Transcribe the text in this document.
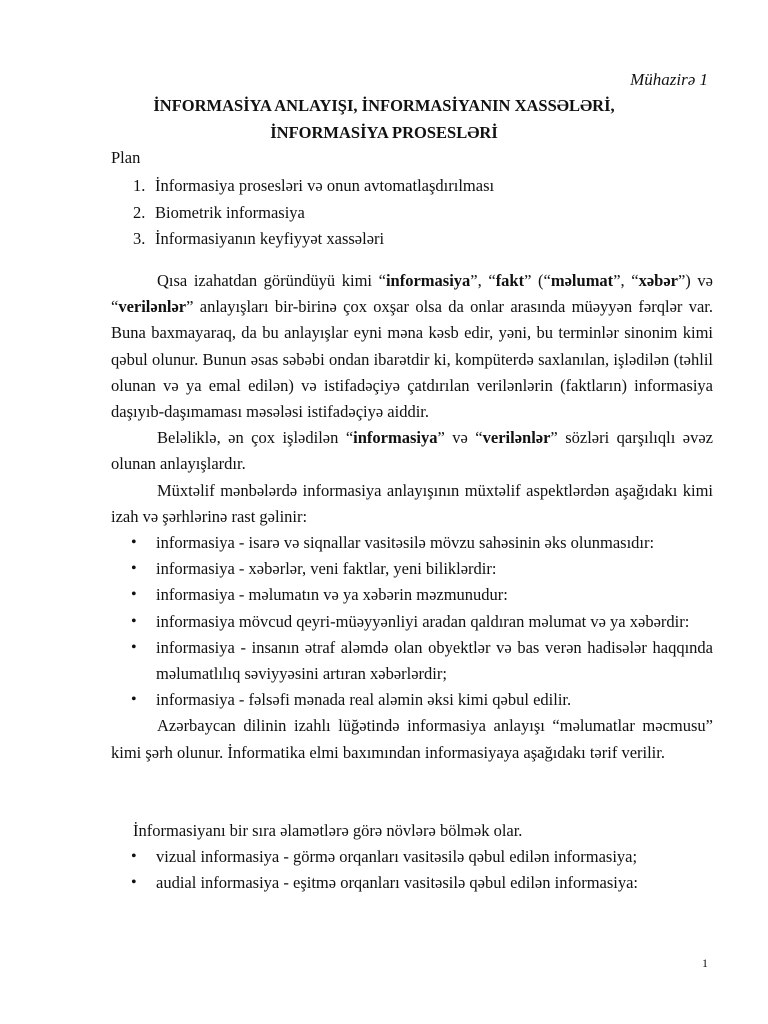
Mühazirə 1
İNFORMASİYA ANLAYIŞI, İNFORMASİYANIN XASSƏLƏRİ,
İNFORMASİYA PROSESLƏRİ
Plan
1. İnformasiya prosesləri və onun avtomatlaşdırılması
2. Biometrik informasiya
3. İnformasiyanın keyfiyyət xassələri

Qısa izahatdan göründüyü kimi “informasiya”, “fakt” (“məlumat”, “xəbər”) və “verilənlər” anlayışları bir-birinə çox oxşar olsa da onlar arasında müəyyən fərqlər var. Buna baxmayaraq, da bu anlayışlar eyni məna kəsb edir, yəni, bu terminlər sinonim kimi qəbul olunur. Bunun əsas səbəbi ondan ibarətdir ki, kompüterdə saxlanılan, işlədilən (təhlil olunan və ya emal edilən) və istifadəçiyə çatdırılan verilənlərin (faktların) informasiya daşıyıb-daşımaması məsələsi istifadəçiyə aiddir.

Beləliklə, ən çox işlədilən “informasiya” və “verilənlər” sözləri qarşılıqlı əvəz olunan anlayışlardır.

Müxtəlif mənbələrdə informasiya anlayışının müxtəlif aspektlərdən aşağıdakı kimi izah və şərhlərinə rast gəlinir:

• informasiya - isarə və siqnallar vasitəsilə mövzu sahəsinin əks olunmasıdır:
• informasiya - xəbərlər, veni faktlar, yeni biliklərdir:
• informasiya - məlumatın və ya xəbərin məzmunudur:
• informasiya mövcud qeyri-müəyyənliyi aradan qaldıran məlumat və ya xəbərdir:
• informasiya - insanın ətraf aləmdə olan obyektlər və bas verən hadisələr haqqında məlumatlılıq səviyyəsini artıran xəbərlərdir;
• informasiya - fəlsəfi mənada real aləmin əksi kimi qəbul edilir.

Azərbaycan dilinin izahlı lüğətində informasiya anlayışı “məlumatlar məcmusu” kimi şərh olunur. İnformatika elmi baxımından informasiyaya aşağıdakı tərif verilir.

İnformasiyanı bir sıra əlamətlərə görə növlərə bölmək olar.

• vizual informasiya - görmə orqanları vasitəsilə qəbul edilən informasiya;
• audial informasiya - eşitmə orqanları vasitəsilə qəbul edilən informasiya:
1
